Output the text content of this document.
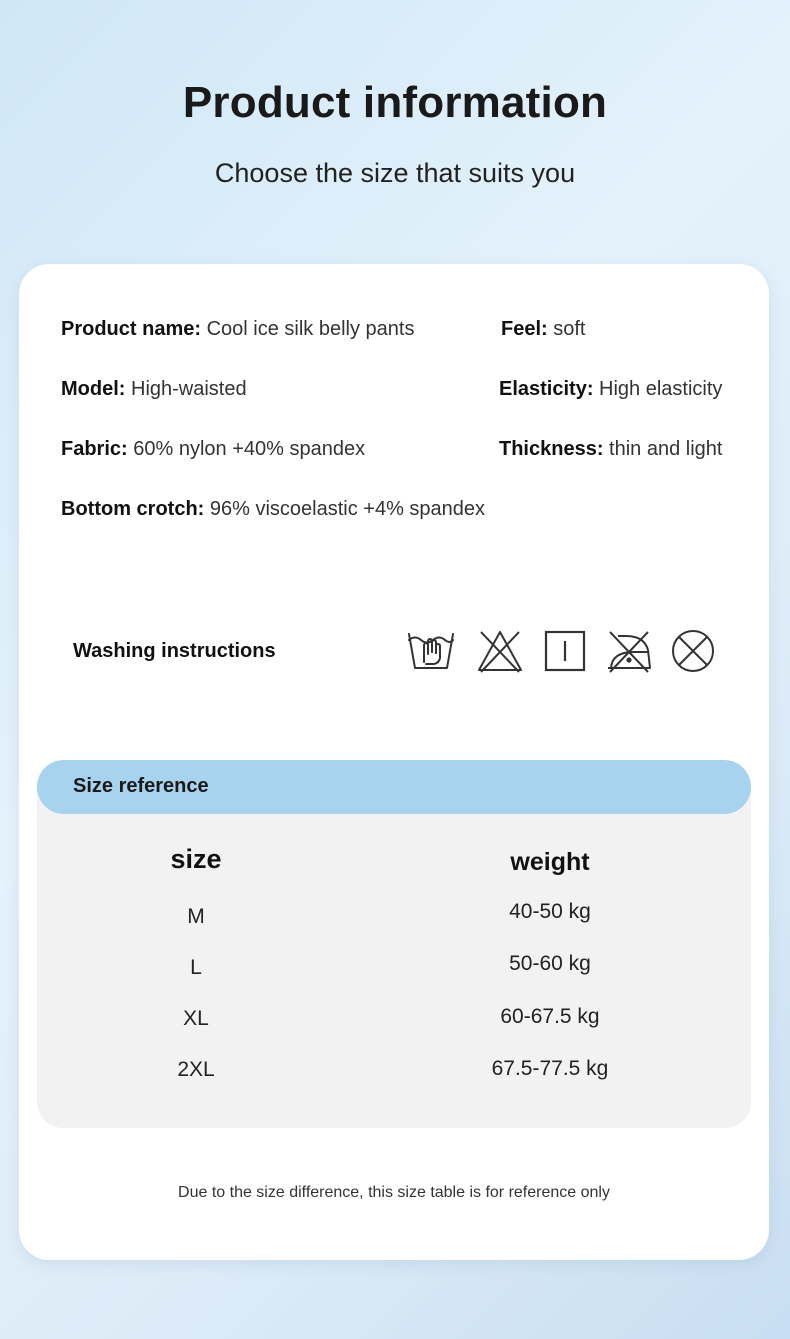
Product information
Choose the size that suits you
Product name: Cool ice silk belly pants	Feel: soft
Model: High-waisted	Elasticity: High elasticity
Fabric: 60% nylon +40% spandex	Thickness: thin and light
Bottom crotch: 96% viscoelastic +4% spandex
Washing instructions
Size reference
size	weight
M	40-50 kg
L	50-60 kg
XL	60-67.5 kg
2XL	67.5-77.5 kg
Due to the size difference, this size table is for reference only
